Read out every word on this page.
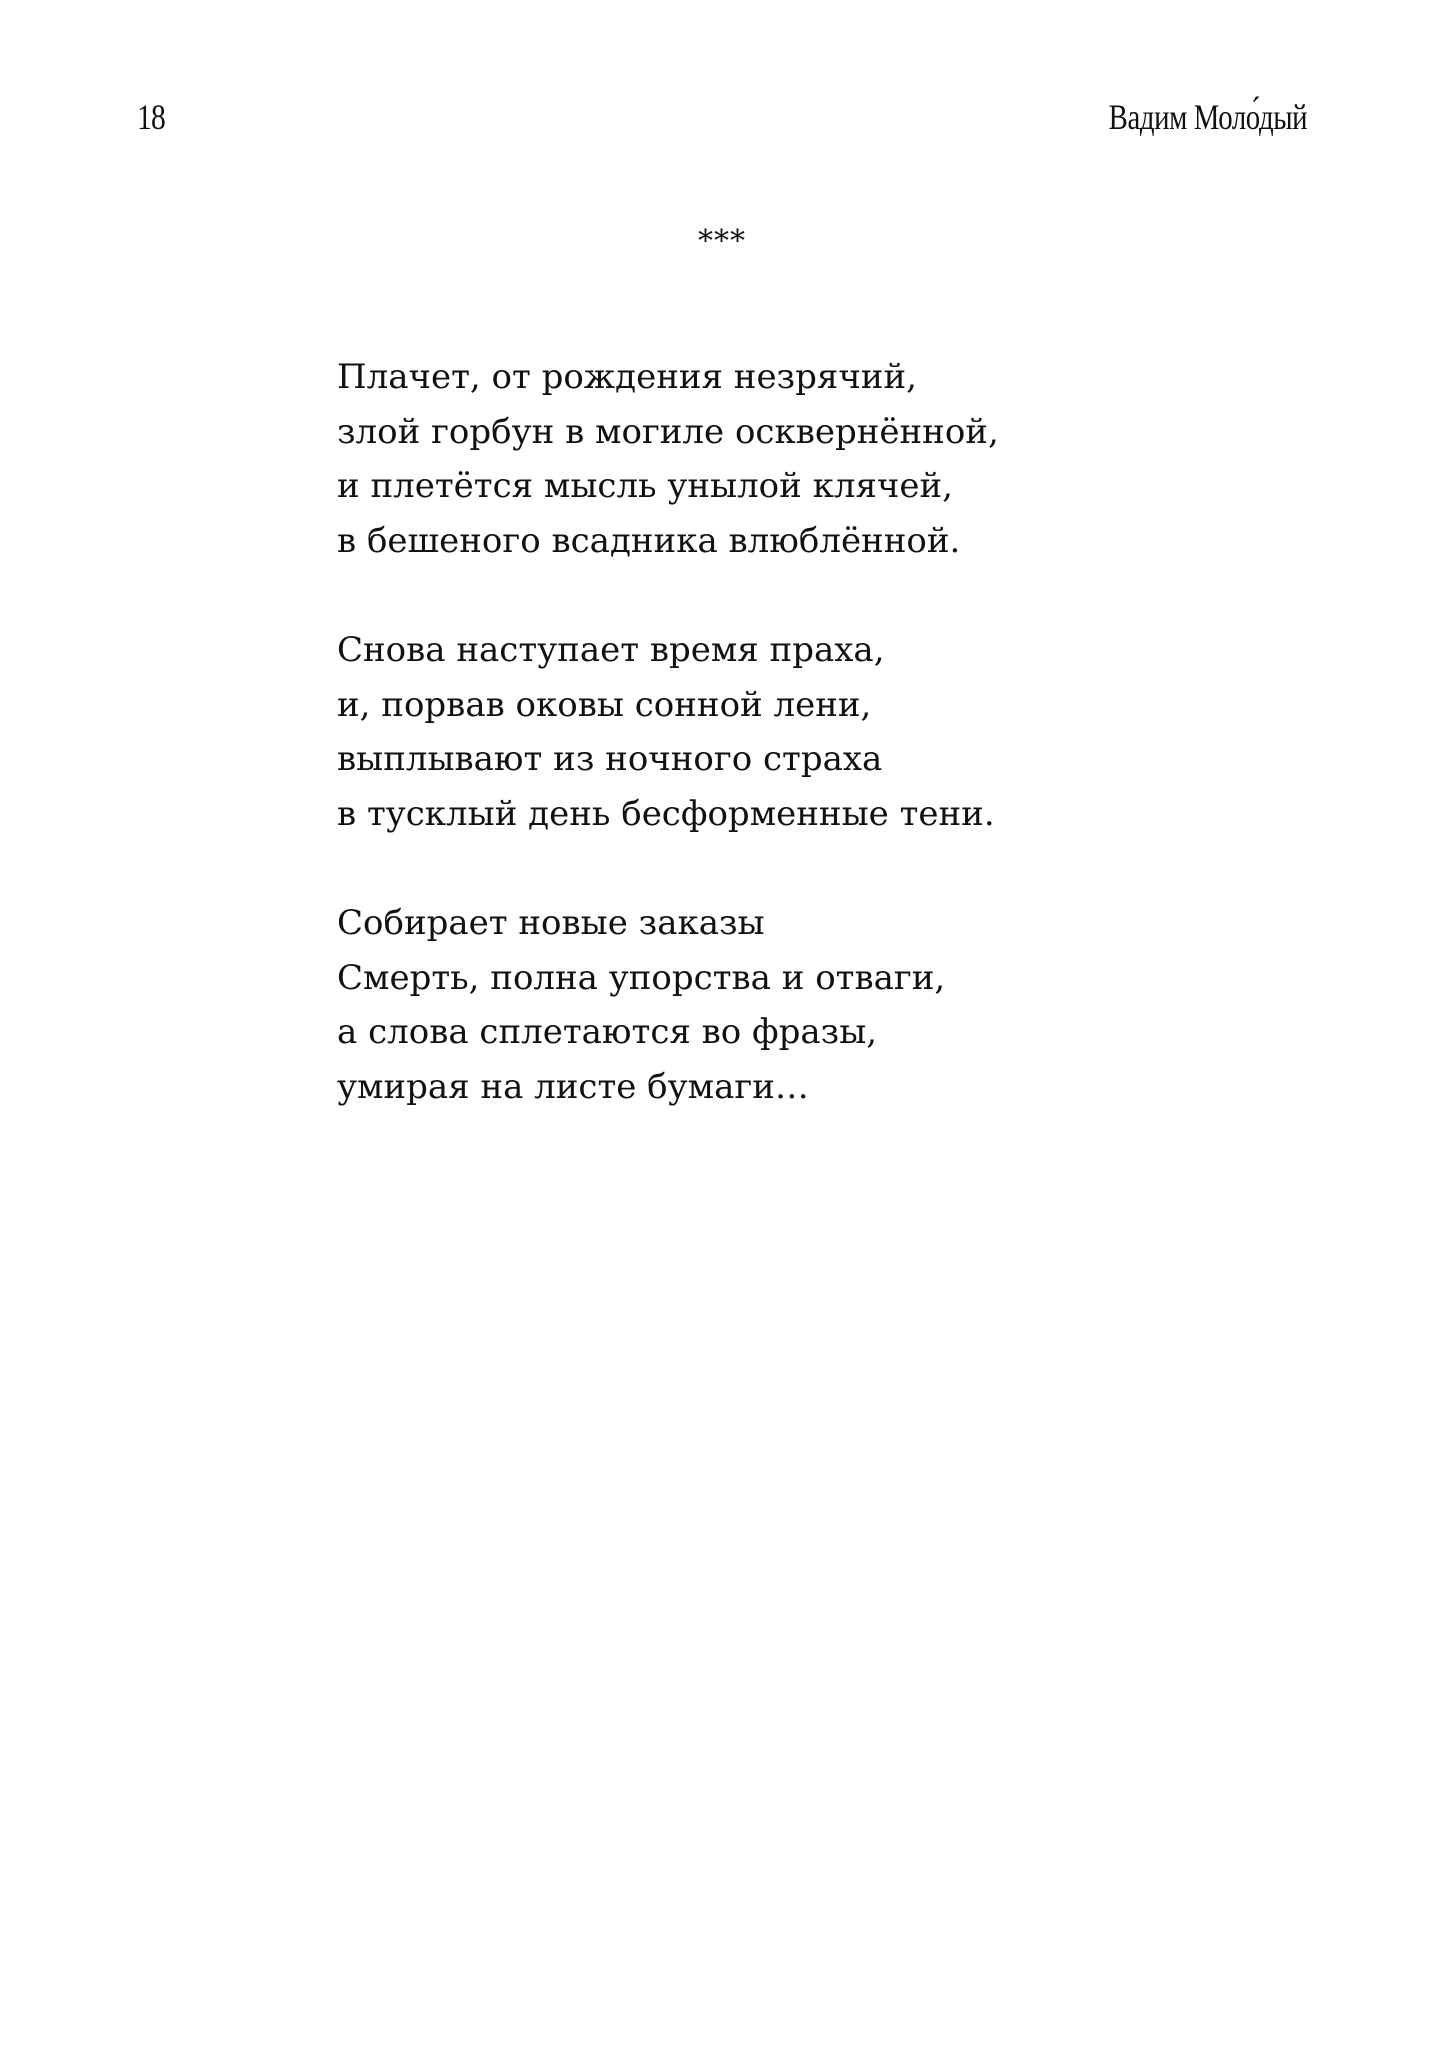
18	Вадим Моло́дый
***
Плачет, от рождения незрячий,
злой горбун в могиле осквернённой,
и плетётся мысль унылой клячей,
в бешеного всадника влюблённой.
Снова наступает время праха,
и, порвав оковы сонной лени,
выплывают из ночного страха
в тусклый день бесформенные тени.
Собирает новые заказы
Смерть, полна упорства и отваги,
а слова сплетаются во фразы,
умирая на листе бумаги…
